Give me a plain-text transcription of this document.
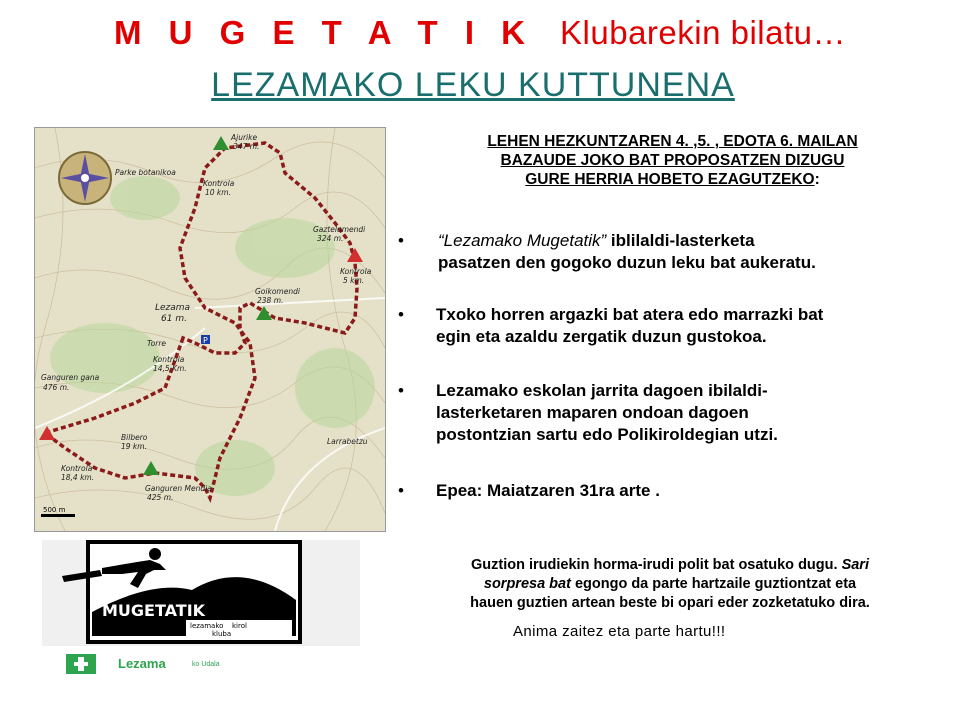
M U G E T A T I K Klubarekin bilatu…
LEZAMAKO LEKU KUTTUNENA
P
Ajurike
347 m.
Parke botanikoa
Kontrola
10 km.
Gaztelumendi
324 m.
Kontrola
5 km.
Goikomendi
238 m.
Lezama
61 m.
Torre
Kontrola
14,5 Km.
Ganguren gana
476 m.
Bilbero
19 km.
Larrabetzu
Kontrola
18,4 km.
Ganguren Mendia
425 m.
500 m
LEHEN HEZKUNTZAREN 4. ,5. , EDOTA 6. MAILAN
BAZAUDE JOKO BAT PROPOSATZEN DIZUGU
GURE HERRIA HOBETO EZAGUTZEKO:
• “Lezamako Mugetatik” iblilaldi-lasterketa
pasatzen den gogoko duzun leku bat aukeratu.
• Txoko horren argazki bat atera edo marrazki bat
egin eta azaldu zergatik duzun gustokoa.
• Lezamako eskolan jarrita dagoen ibilaldi-
lasterketaren maparen ondoan dagoen
postontzian sartu edo Polikiroldegian utzi.
• Epea: Maiatzaren 31ra arte .
Guztion irudiekin horma-irudi polit bat osatuko dugu. Sari
sorpresa bat egongo da parte hartzaile guztiontzat eta
hauen guztien artean beste bi opari eder zozketatuko dira.
Anima zaitez eta parte hartu!!!
MUGETATIK
lezamako kirol
kluba
Lezama	ko Udala
